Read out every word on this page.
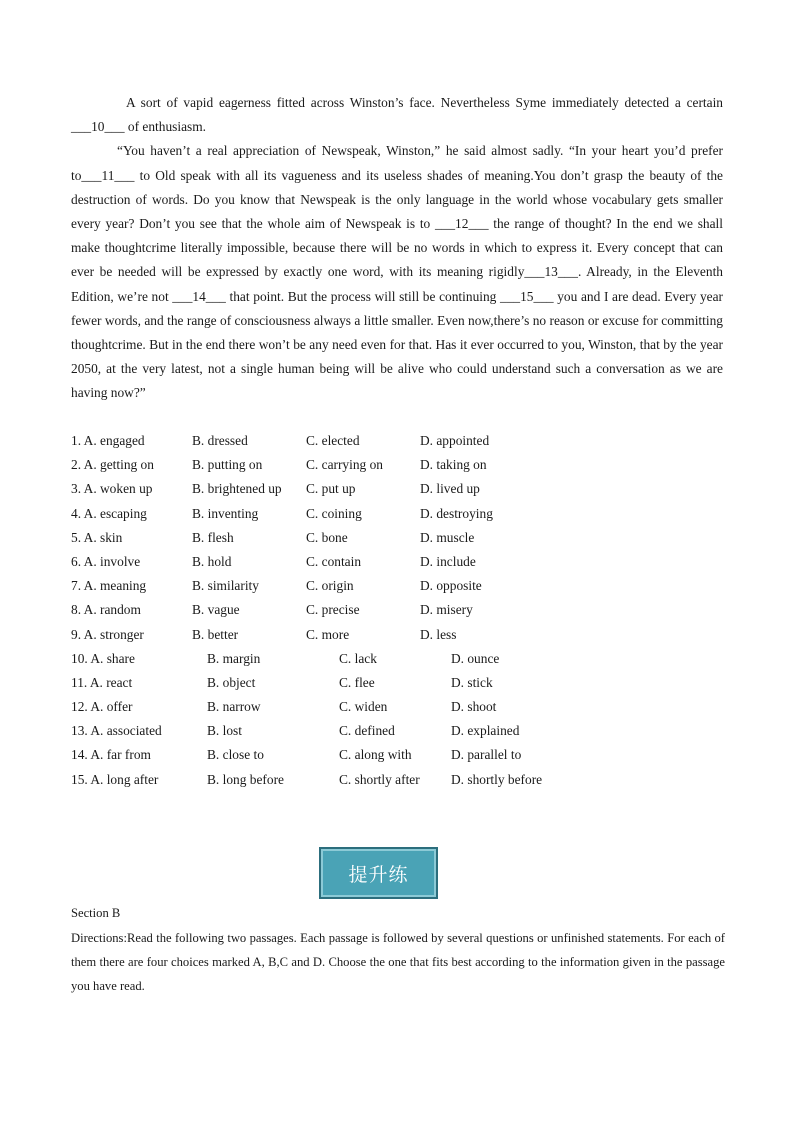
A sort of vapid eagerness fitted across Winston’s face. Nevertheless Syme immediately detected a certain ___10___ of enthusiasm.

“You haven’t a real appreciation of Newspeak, Winston,” he said almost sadly. “In your heart you’d prefer to___11___ to Old speak with all its vagueness and its useless shades of meaning.You don’t grasp the beauty of the destruction of words. Do you know that Newspeak is the only language in the world whose vocabulary gets smaller every year? Don’t you see that the whole aim of Newspeak is to ___12___ the range of thought? In the end we shall make thoughtcrime literally impossible, because there will be no words in which to express it. Every concept that can ever be needed will be expressed by exactly one word, with its meaning rigidly___13___. Already, in the Eleventh Edition, we’re not ___14___ that point. But the process will still be continuing ___15___ you and I are dead. Every year fewer words, and the range of consciousness always a little smaller. Even now,there’s no reason or excuse for committing thoughtcrime. But in the end there won’t be any need even for that. Has it ever occurred to you, Winston, that by the year 2050, at the very latest, not a single human being will be alive who could understand such a conversation as we are having now?”

1. A. engaged	B. dressed	C. elected	D. appointed
2. A. getting on	B. putting on	C. carrying on	D. taking on
3. A. woken up	B. brightened up C. put up	D. lived up
4. A. escaping	B. inventing	C. coining	D. destroying
5. A. skin	B. flesh	C. bone	D. muscle
6. A. involve	B. hold	C. contain	D. include
7. A. meaning	B. similarity	C. origin	D. opposite
8. A. random	B. vague	C. precise	D. misery
9. A. stronger	B. better	C. more	D. less
10. A. share	B. margin	C. lack	D. ounce
11. A. react	B. object	C. flee	D. stick
12. A. offer	B. narrow	C. widen	D. shoot
13. A. associated	B. lost	C. defined	D. explained
14. A. far from	B. close to	C. along with	D. parallel to
15. A. long after	B. long before	C. shortly after D. shortly before
提升练
Section B
Directions:Read the following two passages. Each passage is followed by several questions or unfinished statements. For each of them there are four choices marked A, B,C and D. Choose the one that fits best according to the information given in the passage you have read.
